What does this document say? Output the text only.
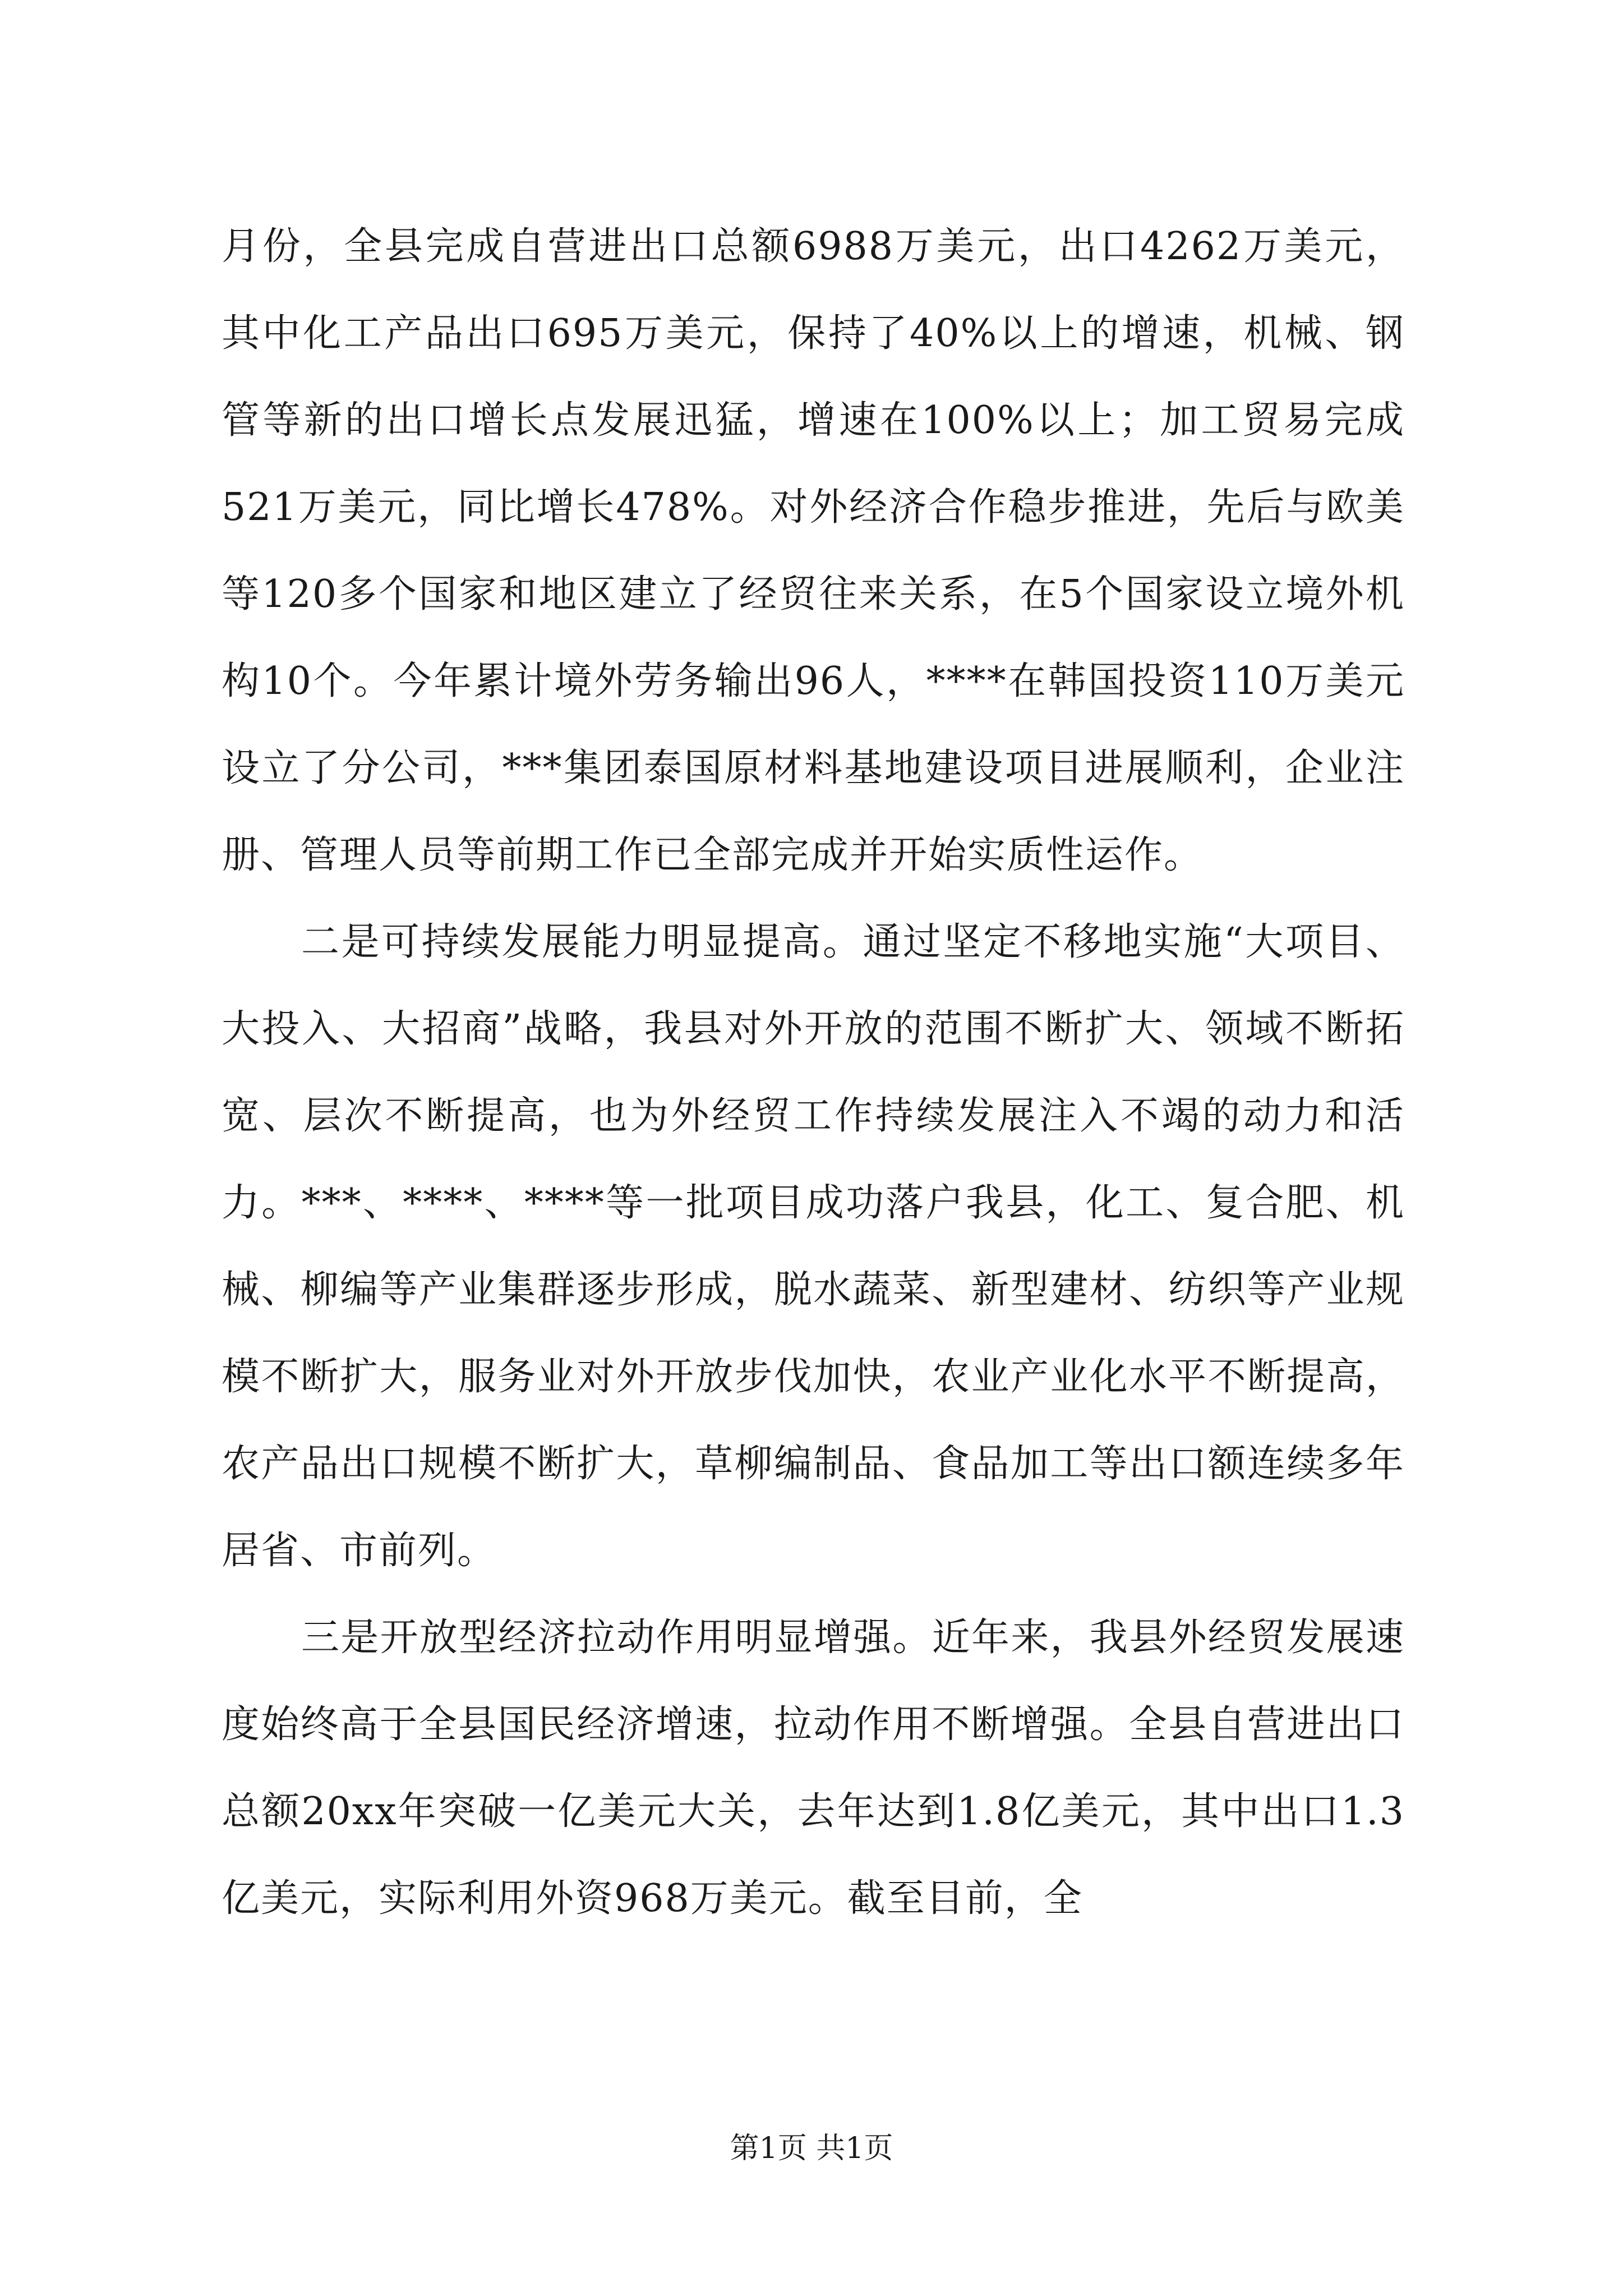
月份，全县完成自营进出口总额6988万美元，出口4262万美元，其中化工产品出口695万美元，保持了40%以上的增速，机械、钢管等新的出口增长点发展迅猛，增速在100%以上；加工贸易完成521万美元，同比增长478%。对外经济合作稳步推进，先后与欧美等120多个国家和地区建立了经贸往来关系，在5个国家设立境外机构10个。今年累计境外劳务输出96人，****在韩国投资110万美元设立了分公司，***集团泰国原材料基地建设项目进展顺利，企业注册、管理人员等前期工作已全部完成并开始实质性运作。

二是可持续发展能力明显提高。通过坚定不移地实施“大项目、大投入、大招商”战略，我县对外开放的范围不断扩大、领域不断拓宽、层次不断提高，也为外经贸工作持续发展注入不竭的动力和活力。***、****、****等一批项目成功落户我县，化工、复合肥、机械、柳编等产业集群逐步形成，脱水蔬菜、新型建材、纺织等产业规模不断扩大，服务业对外开放步伐加快，农业产业化水平不断提高，农产品出口规模不断扩大，草柳编制品、食品加工等出口额连续多年居省、市前列。

三是开放型经济拉动作用明显增强。近年来，我县外经贸发展速度始终高于全县国民经济增速，拉动作用不断增强。全县自营进出口总额20xx年突破一亿美元大关，去年达到1.8亿美元，其中出口1.3亿美元，实际利用外资968万美元。截至目前，全

第1页 共1页
